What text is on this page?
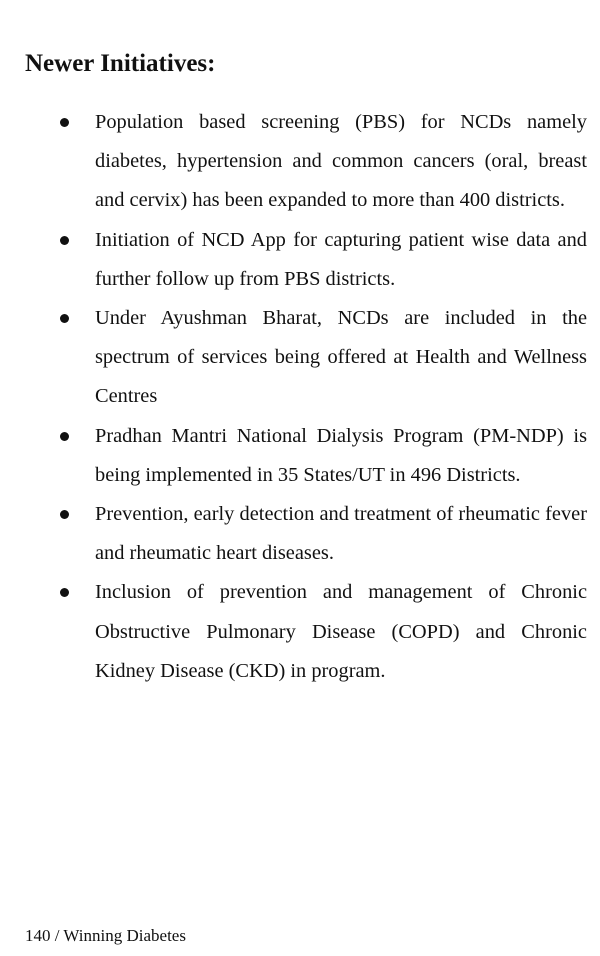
Newer Initiatives:
Population based screening (PBS) for NCDs namely diabetes, hypertension and common cancers (oral, breast and cervix) has been expanded to more than 400 districts.
Initiation of NCD App for capturing patient wise data and further follow up from PBS districts.
Under Ayushman Bharat, NCDs are included in the spectrum of services being offered at Health and Wellness Centres
Pradhan Mantri National Dialysis Program (PM-NDP) is being implemented in 35 States/UT in 496 Districts.
Prevention, early detection and treatment of rheumatic fever and rheumatic heart diseases.
Inclusion of prevention and management of Chronic Obstructive Pulmonary Disease (COPD) and Chronic Kidney Disease (CKD) in program.
140 / Winning Diabetes
